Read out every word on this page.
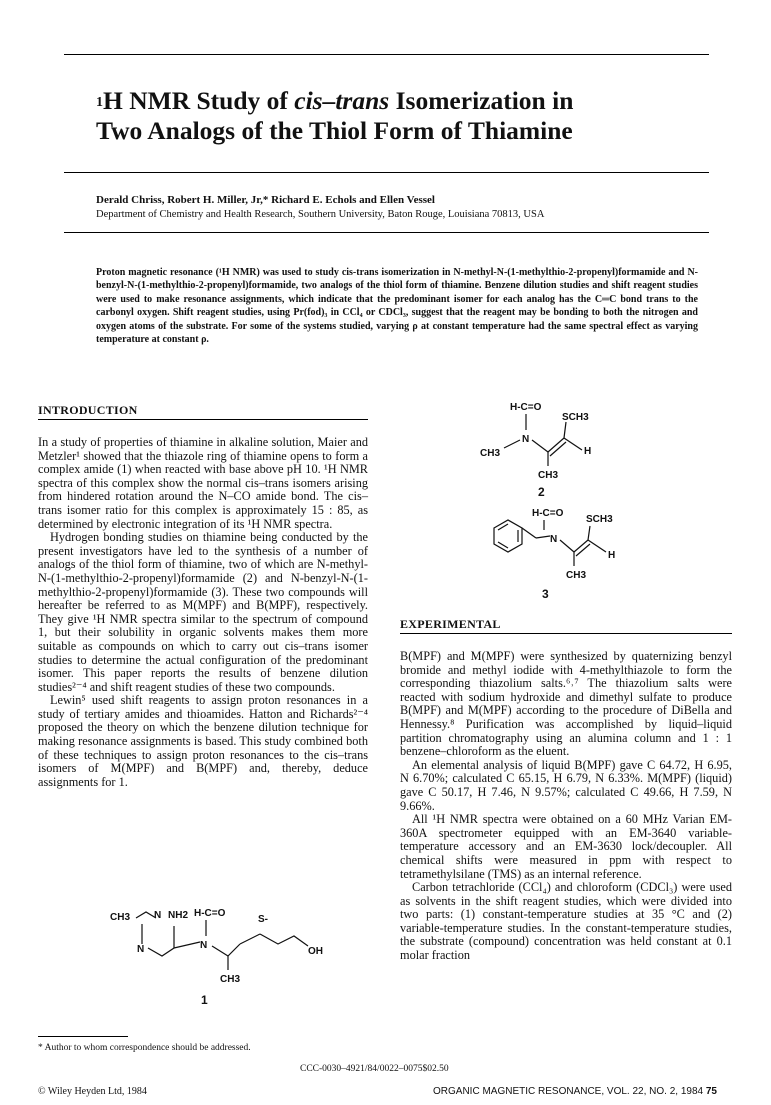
$^1$H NMR Study of cis–trans Isomerization in
Two Analogs of the Thiol Form of Thiamine
Derald Chriss, Robert H. Miller, Jr,* Richard E. Echols and Ellen Vessel
Department of Chemistry and Health Research, Southern University, Baton Rouge, Louisiana 70813, USA
Proton magnetic resonance (¹H NMR) was used to study cis-trans isomerization in N-methyl-N-(1-methylthio-2-propenyl)formamide and N-benzyl-N-(1-methylthio-2-propenyl)formamide, two analogs of the thiol form of thiamine. Benzene dilution studies and shift reagent studies were used to make resonance assignments, which indicate that the predominant isomer for each analog has the C═C bond trans to the carbonyl oxygen. Shift reagent studies, using Pr(fod)₃ in CCl₄ or CDCl₃, suggest that the reagent may be bonding to both the nitrogen and oxygen atoms of the substrate. For some of the systems studied, varying ρ at constant temperature had the same spectral effect as varying temperature at constant ρ.
INTRODUCTION

In a study of properties of thiamine in alkaline solution, Maier and Metzler¹ showed that the thiazole ring of thiamine opens to form a complex amide (1) when reacted with base above pH 10. ¹H NMR spectra of this complex show the normal cis–trans isomers arising from hindered rotation around the N–CO amide bond. The cis–trans isomer ratio for this complex is approximately 15 : 85, as determined by electronic integration of its ¹H NMR spectra.

Hydrogen bonding studies on thiamine being conducted by the present investigators have led to the synthesis of a number of analogs of the thiol form of thiamine, two of which are N-methyl-N-(1-methylthio-2-propenyl)formamide (2) and N-benzyl-N-(1-methylthio-2-propenyl)formamide (3). These two compounds will hereafter be referred to as M(MPF) and B(MPF), respectively. They give ¹H NMR spectra similar to the spectrum of compound 1, but their solubility in organic solvents makes them more suitable as compounds on which to carry out cis–trans isomer studies to determine the actual configuration of the predominant isomer. This paper reports the results of benzene dilution studies²⁻⁴ and shift reagent studies of these two compounds.

Lewin⁵ used shift reagents to assign proton resonances in a study of tertiary amides and thioamides. Hatton and Richards²⁻⁴ proposed the theory on which the benzene dilution technique for making resonance assignments is based. This study combined both of these techniques to assign proton resonances to the cis–trans isomers of M(MPF) and B(MPF) and, thereby, deduce assignments for 1.

CH3 N
N
NH2 H-C=O
N
S-
OH
CH3
1
* Author to whom correspondence should be addressed.
H-C=O
N
CH3
SCH3
H
CH3
2
H-C=O
N
SCH3
H
CH3
3
EXPERIMENTAL

B(MPF) and M(MPF) were synthesized by quaternizing benzyl bromide and methyl iodide with 4-methylthiazole to form the corresponding thiazolium salts.⁶˒⁷ The thiazolium salts were reacted with sodium hydroxide and dimethyl sulfate to produce B(MPF) and M(MPF) according to the procedure of DiBella and Hennessy.⁸ Purification was accomplished by liquid–liquid partition chromatography using an alumina column and 1 : 1 benzene–chloroform as the eluent.

An elemental analysis of liquid B(MPF) gave C 64.72, H 6.95, N 6.70%; calculated C 65.15, H 6.79, N 6.33%. M(MPF) (liquid) gave C 50.17, H 7.46, N 9.57%; calculated C 49.66, H 7.59, N 9.66%.

All ¹H NMR spectra were obtained on a 60 MHz Varian EM-360A spectrometer equipped with an EM-3640 variable-temperature accessory and an EM-3630 lock/decoupler. All chemical shifts were measured in ppm with respect to tetramethylsilane (TMS) as an internal reference.

Carbon tetrachloride (CCl₄) and chloroform (CDCl₃) were used as solvents in the shift reagent studies, which were divided into two parts: (1) constant-temperature studies at 35 °C and (2) variable-temperature studies. In the constant-temperature studies, the substrate (compound) concentration was held constant at 0.1 molar fraction

CCC-0030–4921/84/0022–0075$02.50
© Wiley Heyden Ltd, 1984	ORGANIC MAGNETIC RESONANCE, VOL. 22, NO. 2, 1984 75
